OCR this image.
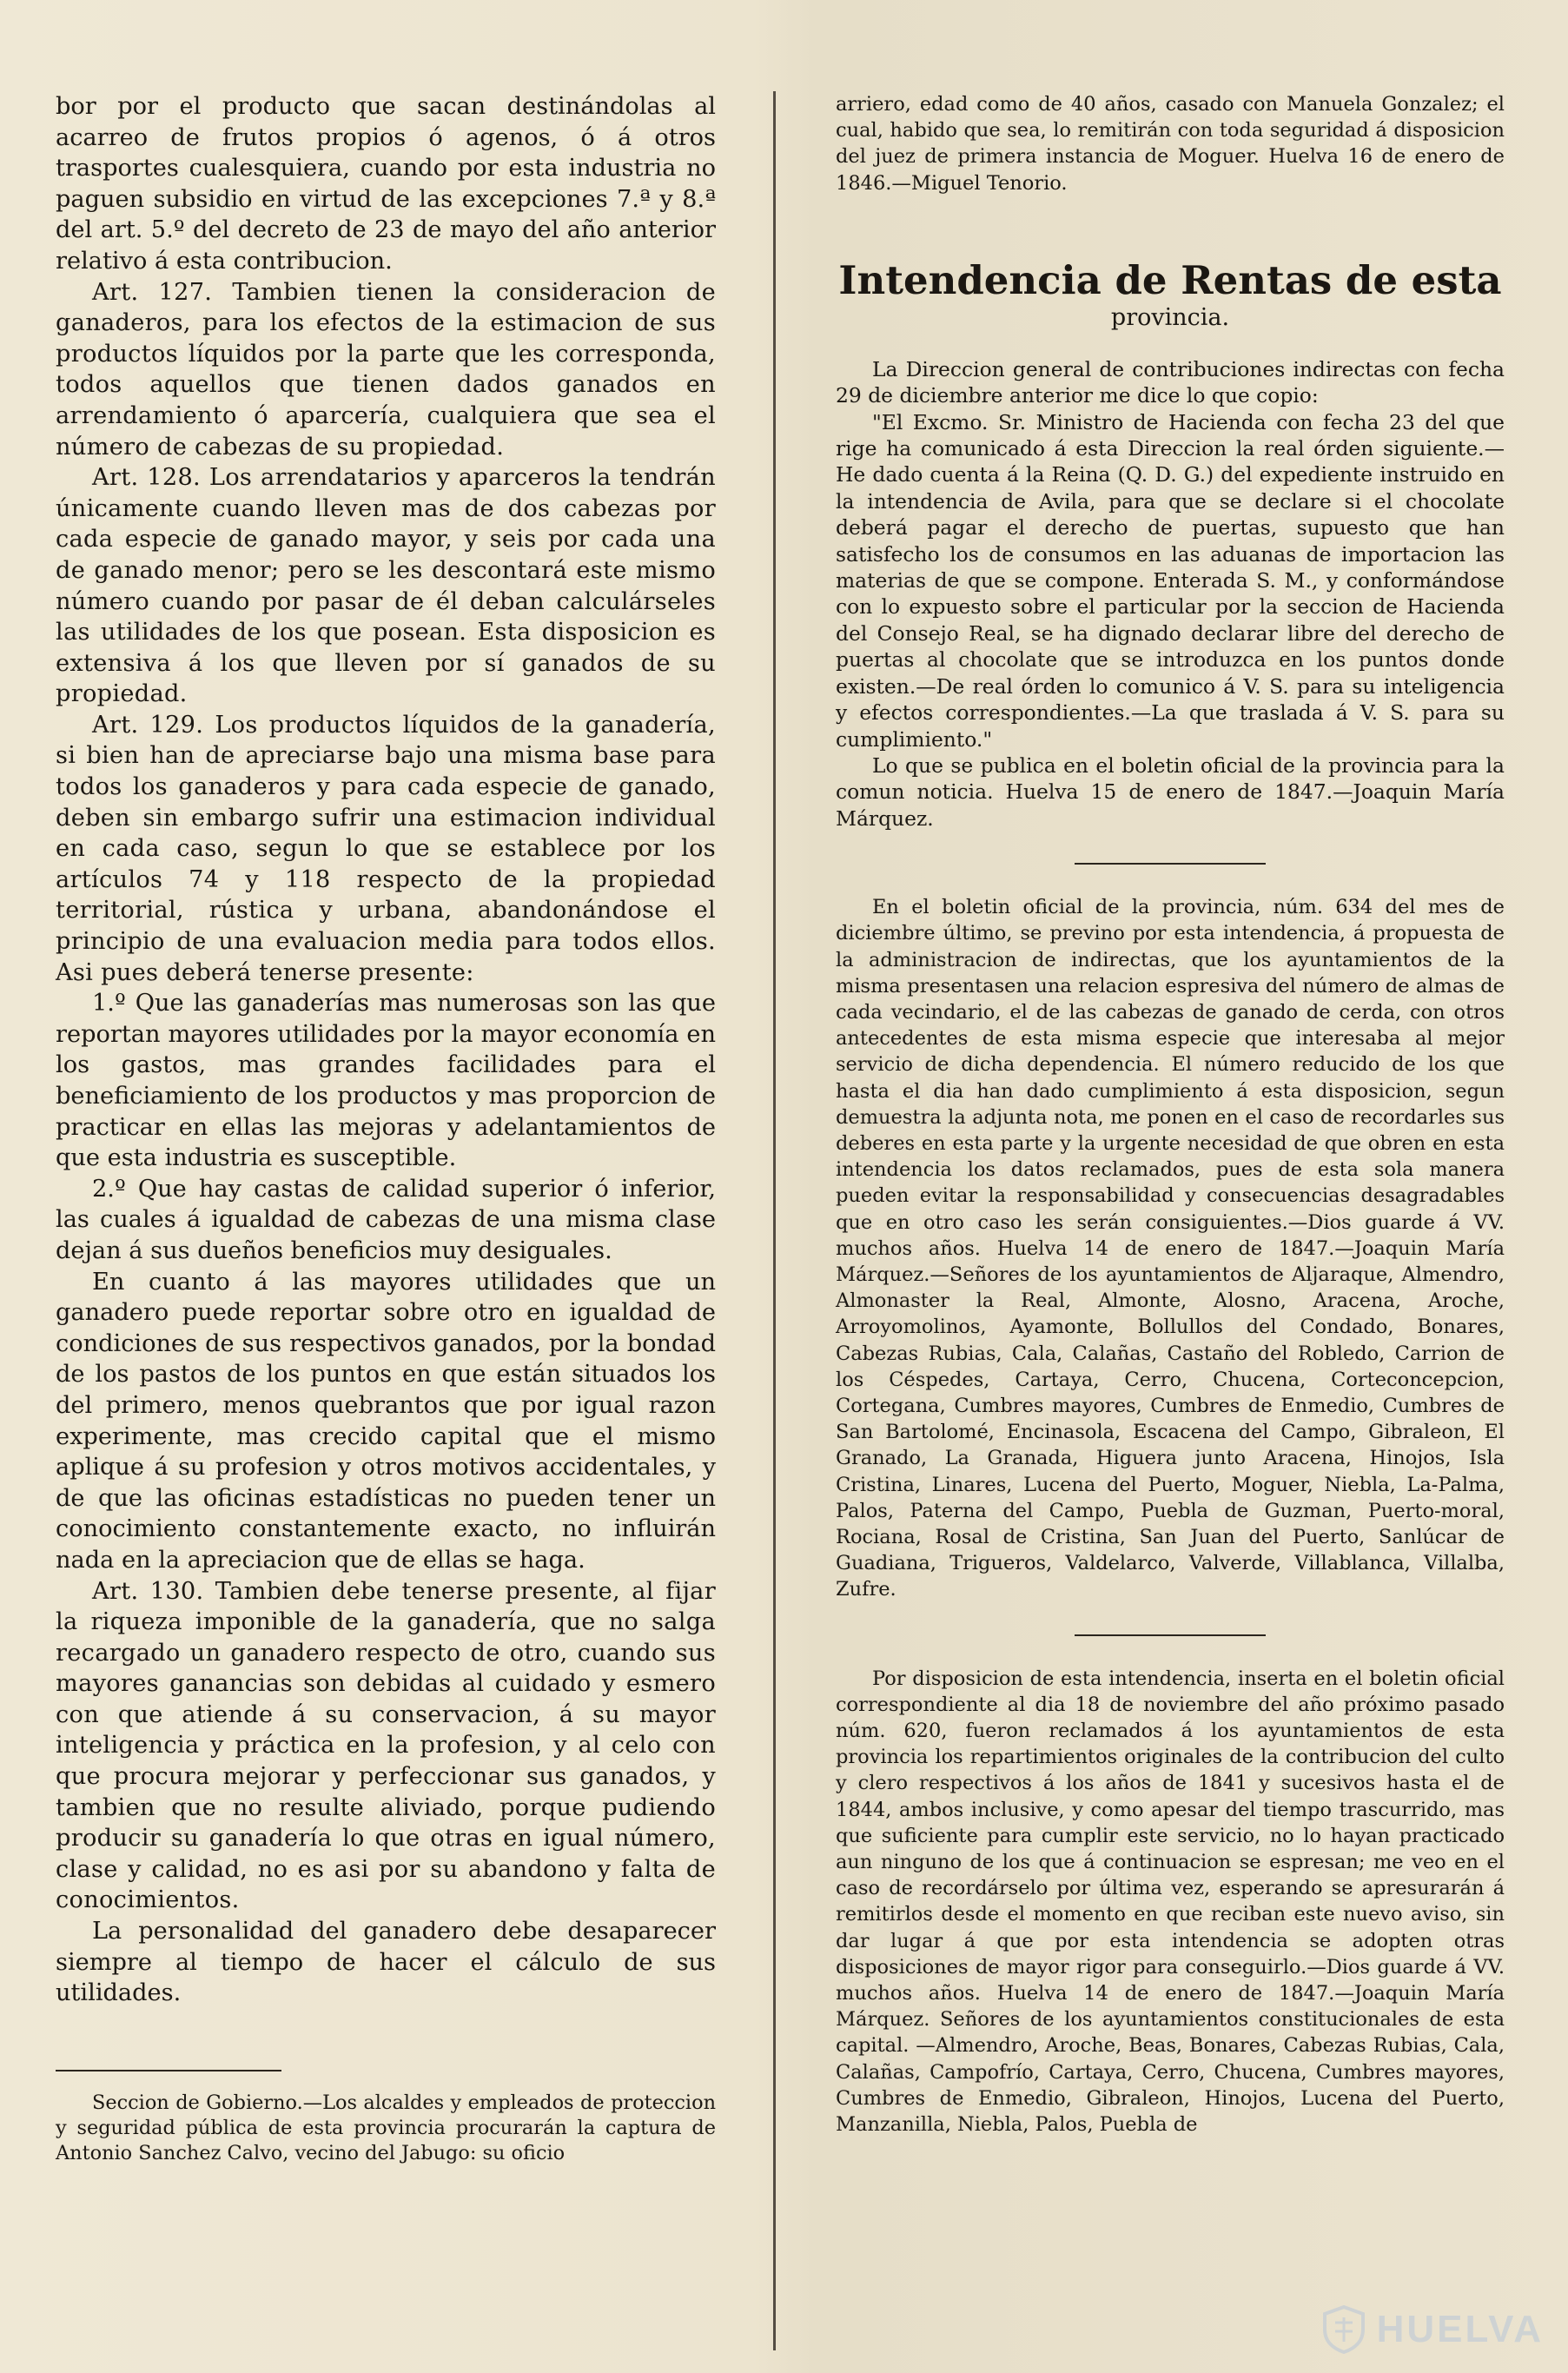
bor por el producto que sacan destinándolas al acarreo de frutos propios ó agenos, ó á otros trasportes cualesquiera, cuando por esta industria no paguen subsidio en virtud de las excepciones 7.ª y 8.ª del art. 5.º del decreto de 23 de mayo del año anterior relativo á esta contribucion.

Art. 127. Tambien tienen la consideracion de ganaderos, para los efectos de la estimacion de sus productos líquidos por la parte que les corresponda, todos aquellos que tienen dados ganados en arrendamiento ó aparcería, cualquiera que sea el número de cabezas de su propiedad.

Art. 128. Los arrendatarios y aparceros la tendrán únicamente cuando lleven mas de dos cabezas por cada especie de ganado mayor, y seis por cada una de ganado menor; pero se les descontará este mismo número cuando por pasar de él deban calculárseles las utilidades de los que posean. Esta disposicion es extensiva á los que lleven por sí ganados de su propiedad.

Art. 129. Los productos líquidos de la ganadería, si bien han de apreciarse bajo una misma base para todos los ganaderos y para cada especie de ganado, deben sin embargo sufrir una estimacion individual en cada caso, segun lo que se establece por los artículos 74 y 118 respecto de la propiedad territorial, rústica y urbana, abandonándose el principio de una evaluacion media para todos ellos. Asi pues deberá tenerse presente:

1.º Que las ganaderías mas numerosas son las que reportan mayores utilidades por la mayor economía en los gastos, mas grandes facilidades para el beneficiamiento de los productos y mas proporcion de practicar en ellas las mejoras y adelantamientos de que esta industria es susceptible.

2.º Que hay castas de calidad superior ó inferior, las cuales á igualdad de cabezas de una misma clase dejan á sus dueños beneficios muy desiguales.

En cuanto á las mayores utilidades que un ganadero puede reportar sobre otro en igualdad de condiciones de sus respectivos ganados, por la bondad de los pastos de los puntos en que están situados los del primero, menos quebrantos que por igual razon experimente, mas crecido capital que el mismo aplique á su profesion y otros motivos accidentales, y de que las oficinas estadísticas no pueden tener un conocimiento constantemente exacto, no influirán nada en la apreciacion que de ellas se haga.

Art. 130. Tambien debe tenerse presente, al fijar la riqueza imponible de la ganadería, que no salga recargado un ganadero respecto de otro, cuando sus mayores ganancias son debidas al cuidado y esmero con que atiende á su conservacion, á su mayor inteligencia y práctica en la profesion, y al celo con que procura mejorar y perfeccionar sus ganados, y tambien que no resulte aliviado, porque pudiendo producir su ganadería lo que otras en igual número, clase y calidad, no es asi por su abandono y falta de conocimientos.

La personalidad del ganadero debe desaparecer siempre al tiempo de hacer el cálculo de sus utilidades.

Seccion de Gobierno.—Los alcaldes y empleados de proteccion y seguridad pública de esta provincia procurarán la captura de Antonio Sanchez Calvo, vecino del Jabugo: su oficio

arriero, edad como de 40 años, casado con Manuela Gonzalez; el cual, habido que sea, lo remitirán con toda seguridad á disposicion del juez de primera instancia de Moguer. Huelva 16 de enero de 1846.—Miguel Tenorio.

Intendencia de Rentas de esta
provincia.

La Direccion general de contribuciones indirectas con fecha 29 de diciembre anterior me dice lo que copio:

"El Excmo. Sr. Ministro de Hacienda con fecha 23 del que rige ha comunicado á esta Direccion la real órden siguiente.—He dado cuenta á la Reina (Q. D. G.) del expediente instruido en la intendencia de Avila, para que se declare si el chocolate deberá pagar el derecho de puertas, supuesto que han satisfecho los de consumos en las aduanas de importacion las materias de que se compone. Enterada S. M., y conformándose con lo expuesto sobre el particular por la seccion de Hacienda del Consejo Real, se ha dignado declarar libre del derecho de puertas al chocolate que se introduzca en los puntos donde existen.—De real órden lo comunico á V. S. para su inteligencia y efectos correspondientes.—La que traslada á V. S. para su cumplimiento."

Lo que se publica en el boletin oficial de la provincia para la comun noticia. Huelva 15 de enero de 1847.—Joaquin María Márquez.

En el boletin oficial de la provincia, núm. 634 del mes de diciembre último, se previno por esta intendencia, á propuesta de la administracion de indirectas, que los ayuntamientos de la misma presentasen una relacion espresiva del número de almas de cada vecindario, el de las cabezas de ganado de cerda, con otros antecedentes de esta misma especie que interesaba al mejor servicio de dicha dependencia. El número reducido de los que hasta el dia han dado cumplimiento á esta disposicion, segun demuestra la adjunta nota, me ponen en el caso de recordarles sus deberes en esta parte y la urgente necesidad de que obren en esta intendencia los datos reclamados, pues de esta sola manera pueden evitar la responsabilidad y consecuencias desagradables que en otro caso les serán consiguientes.—Dios guarde á VV. muchos años. Huelva 14 de enero de 1847.—Joaquin María Márquez.—Señores de los ayuntamientos de Aljaraque, Almendro, Almonaster la Real, Almonte, Alosno, Aracena, Aroche, Arroyomolinos, Ayamonte, Bollullos del Condado, Bonares, Cabezas Rubias, Cala, Calañas, Castaño del Robledo, Carrion de los Céspedes, Cartaya, Cerro, Chucena, Corteconcepcion, Cortegana, Cumbres mayores, Cumbres de Enmedio, Cumbres de San Bartolomé, Encinasola, Escacena del Campo, Gibraleon, El Granado, La Granada, Higuera junto Aracena, Hinojos, Isla Cristina, Linares, Lucena del Puerto, Moguer, Niebla, La-Palma, Palos, Paterna del Campo, Puebla de Guzman, Puerto-moral, Rociana, Rosal de Cristina, San Juan del Puerto, Sanlúcar de Guadiana, Trigueros, Valdelarco, Valverde, Villablanca, Villalba, Zufre.

Por disposicion de esta intendencia, inserta en el boletin oficial correspondiente al dia 18 de noviembre del año próximo pasado núm. 620, fueron reclamados á los ayuntamientos de esta provincia los repartimientos originales de la contribucion del culto y clero respectivos á los años de 1841 y sucesivos hasta el de 1844, ambos inclusive, y como apesar del tiempo trascurrido, mas que suficiente para cumplir este servicio, no lo hayan practicado aun ninguno de los que á continuacion se espresan; me veo en el caso de recordárselo por última vez, esperando se apresurarán á remitirlos desde el momento en que reciban este nuevo aviso, sin dar lugar á que por esta intendencia se adopten otras disposiciones de mayor rigor para conseguirlo.—Dios guarde á VV. muchos años. Huelva 14 de enero de 1847.—Joaquin María Márquez. Señores de los ayuntamientos constitucionales de esta capital. —Almendro, Aroche, Beas, Bonares, Cabezas Rubias, Cala, Calañas, Campofrío, Cartaya, Cerro, Chucena, Cumbres mayores, Cumbres de Enmedio, Gibraleon, Hinojos, Lucena del Puerto, Manzanilla, Niebla, Palos, Puebla de

HUELVA
